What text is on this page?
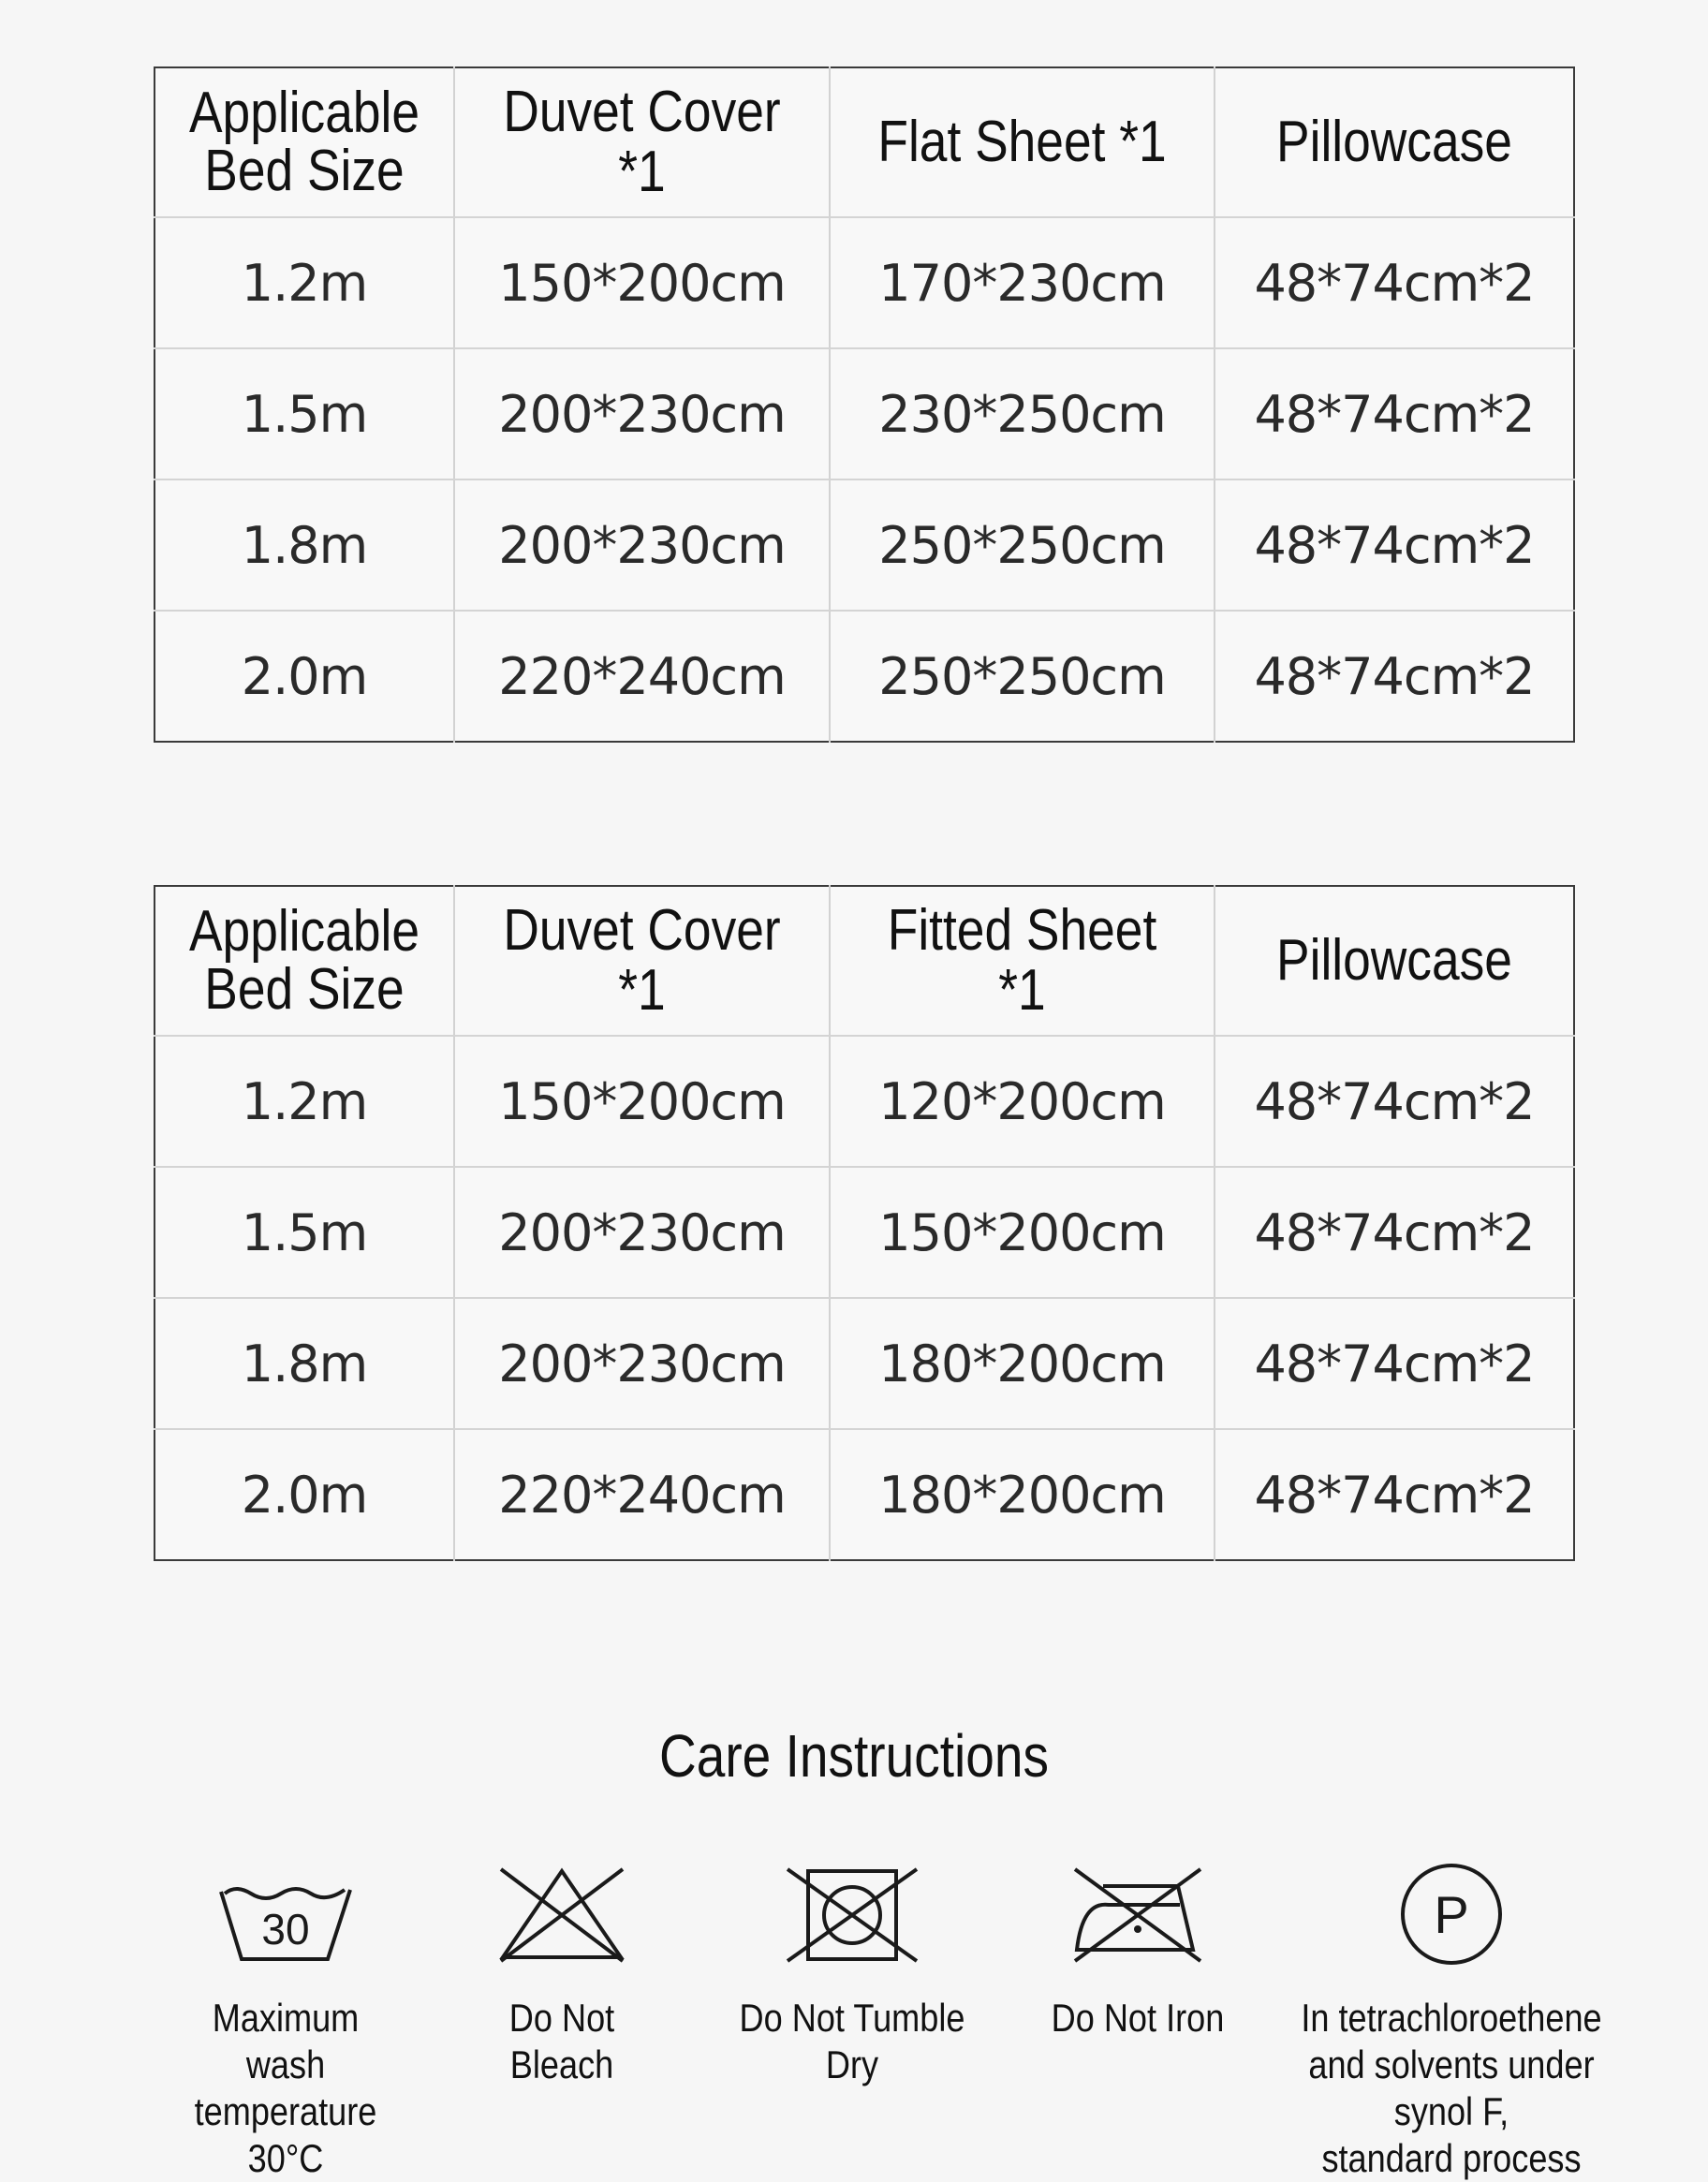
Applicable
Bed Size	Duvet Cover *1	Flat Sheet *1	Pillowcase
1.2m	150*200cm	170*230cm	48*74cm*2
1.5m	200*230cm	230*250cm	48*74cm*2
1.8m	200*230cm	250*250cm	48*74cm*2
2.0m	220*240cm	250*250cm	48*74cm*2
Applicable
Bed Size	Duvet Cover *1	Fitted Sheet *1	Pillowcase
1.2m	150*200cm	120*200cm	48*74cm*2
1.5m	200*230cm	150*200cm	48*74cm*2
1.8m	200*230cm	180*200cm	48*74cm*2
2.0m	220*240cm	180*200cm	48*74cm*2
Care Instructions
30
Maximum wash
temperature 30°C
Do Not Bleach
Do Not Tumble Dry
Do Not Iron
P
In tetrachloroethene
and solvents under synol F,
standard process
